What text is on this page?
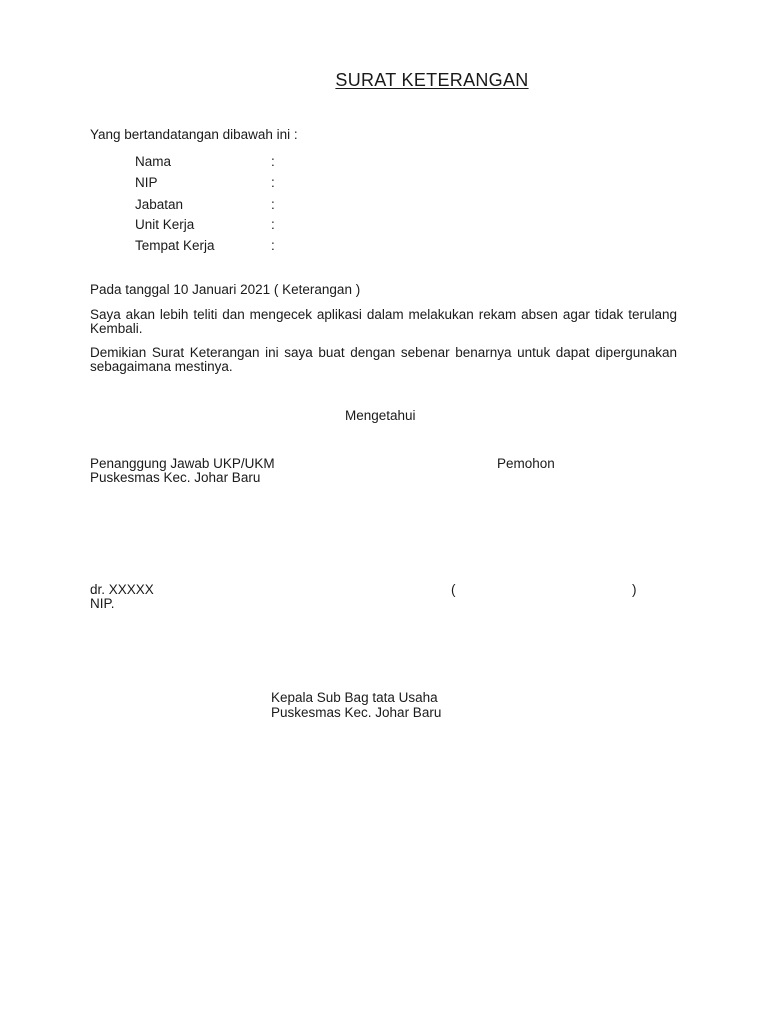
SURAT KETERANGAN
Yang bertandatangan dibawah ini :
Nama	:
NIP	:
Jabatan	:
Unit Kerja	:
Tempat Kerja	:
Pada tanggal 10 Januari 2021 ( Keterangan )
Saya akan lebih teliti dan mengecek aplikasi dalam melakukan rekam absen agar tidak terulang Kembali.
Demikian Surat Keterangan ini saya buat dengan sebenar benarnya untuk dapat dipergunakan sebagaimana mestinya.
Mengetahui
Penanggung Jawab UKP/UKM
Puskesmas Kec. Johar Baru
dr. XXXXX
NIP.
Pemohon
(	)
Kepala Sub Bag tata Usaha
Puskesmas Kec. Johar Baru
